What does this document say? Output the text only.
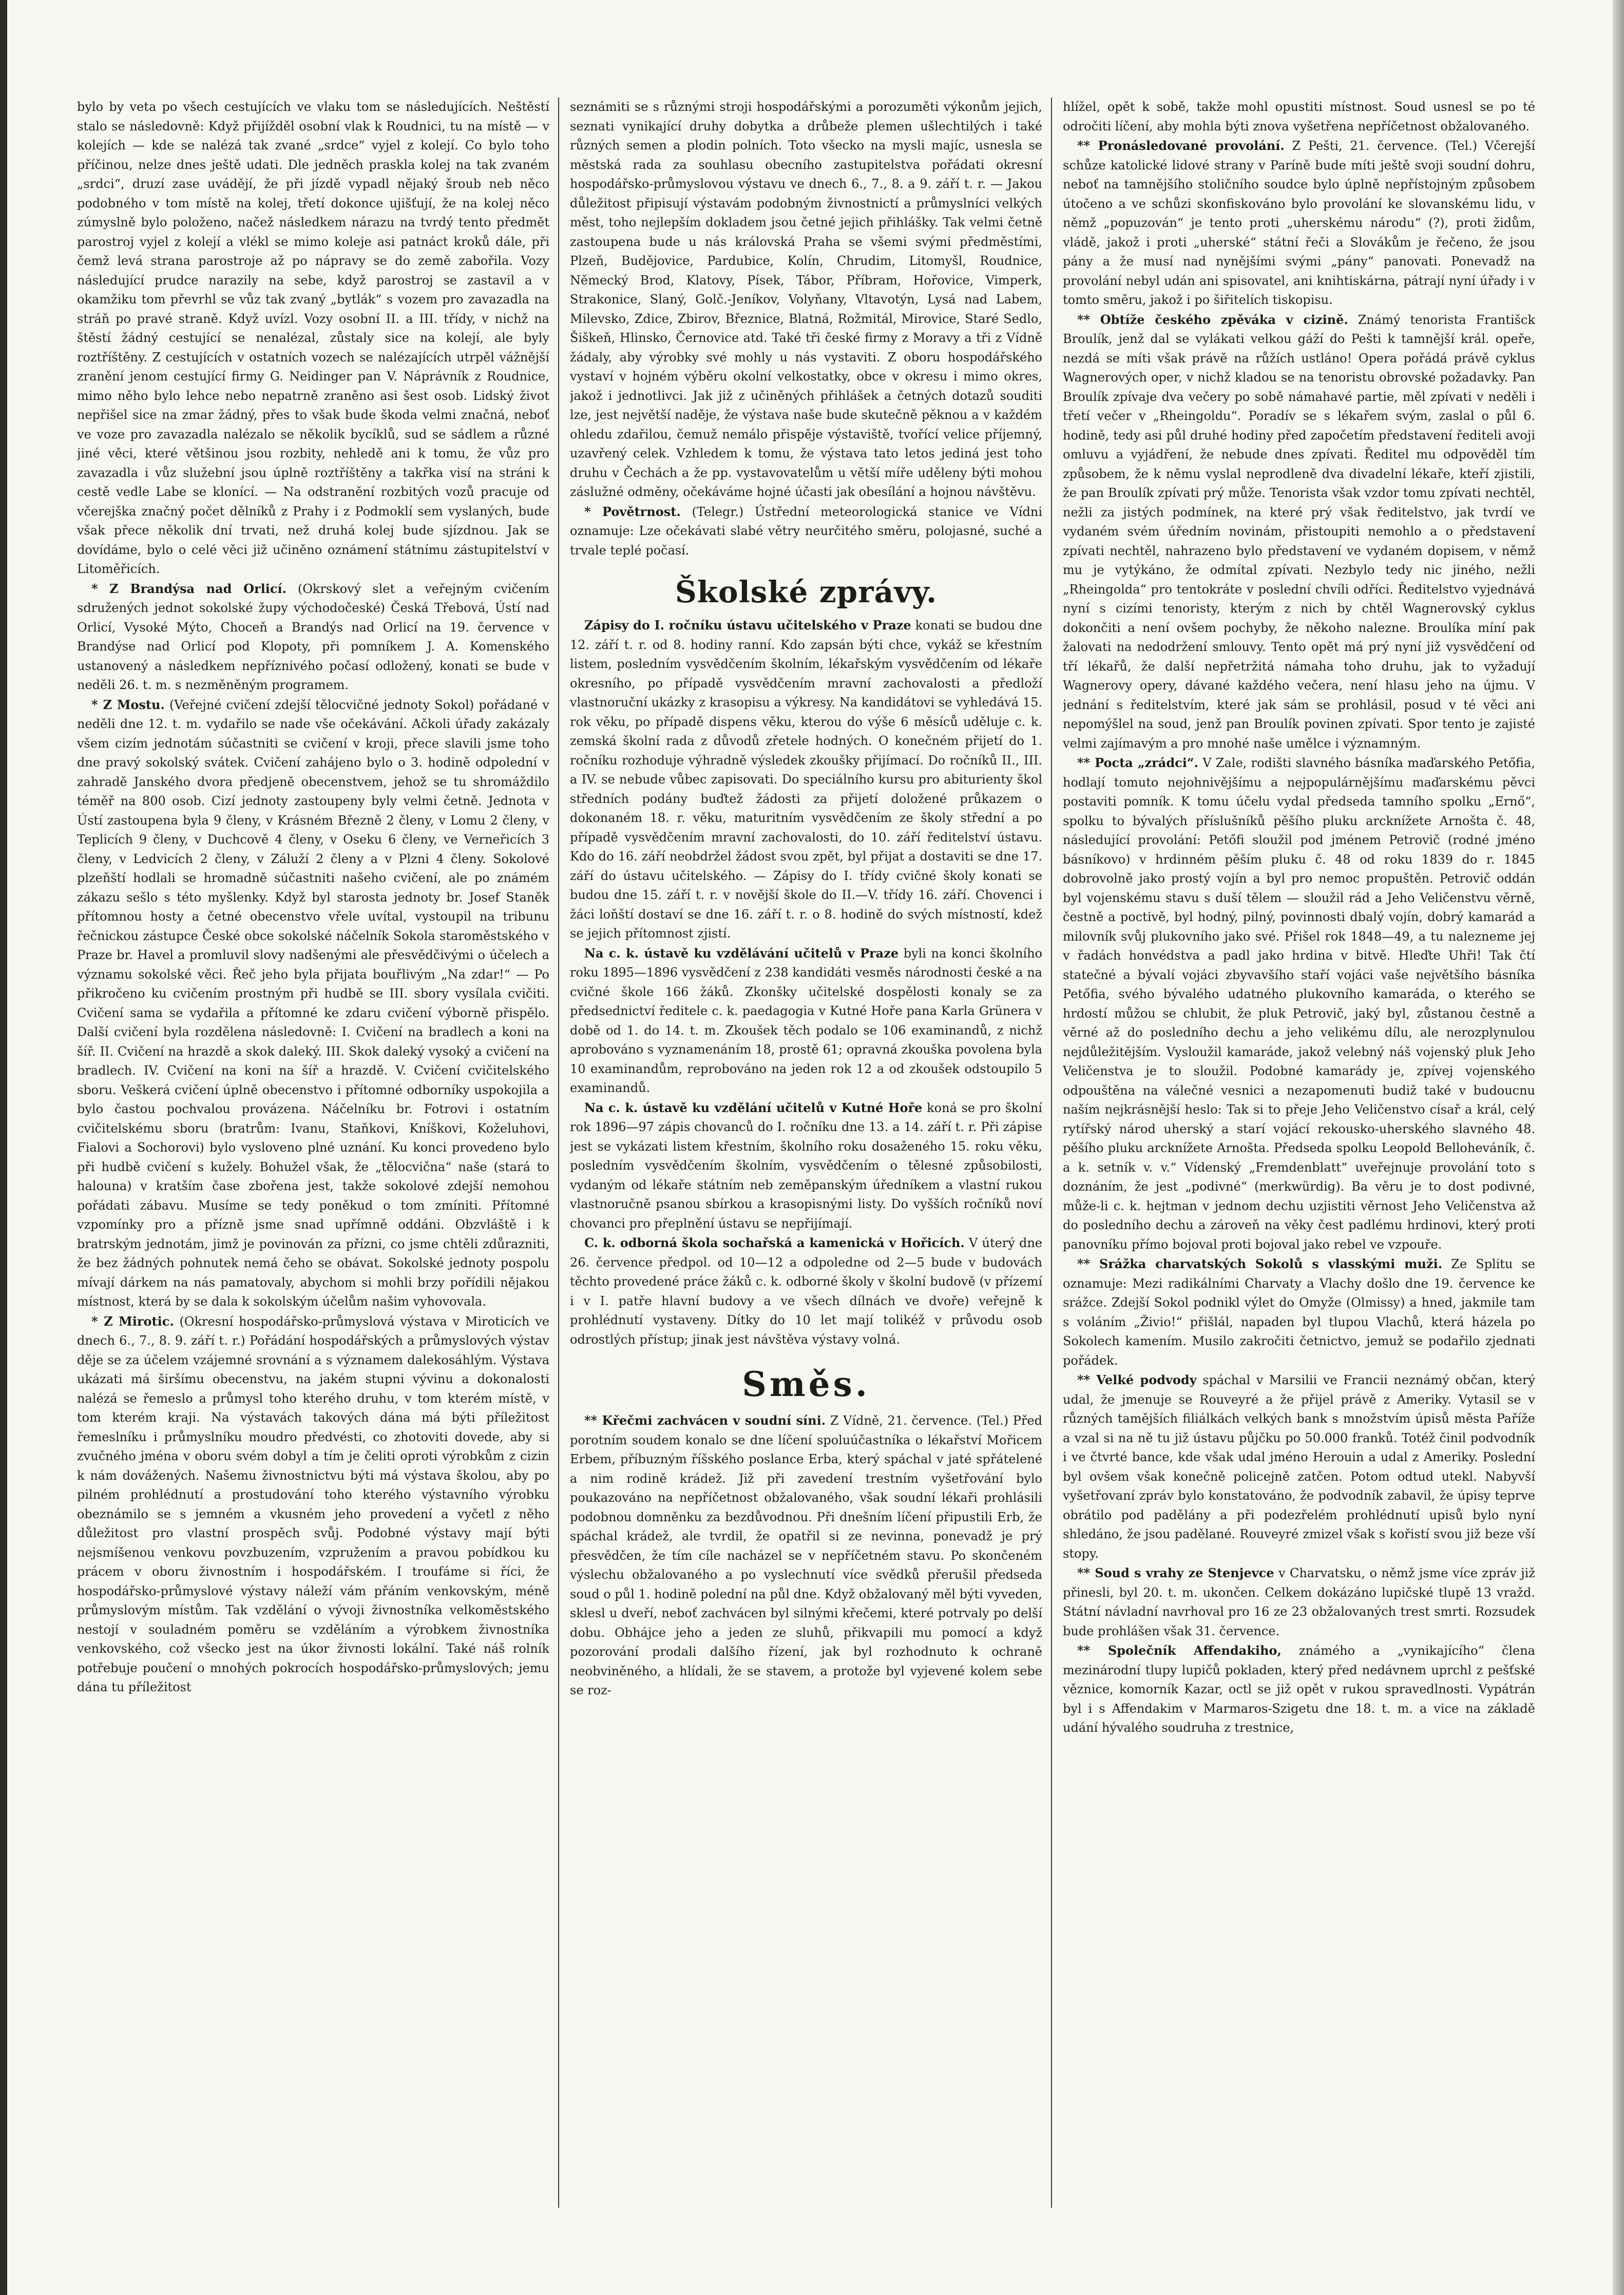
bylo by veta po všech cestujících ve vlaku tom se následujících. Neštěstí stalo se následovně: Když přijížděl osobní vlak k Roudnici, tu na místě — v kolejích — kde se nalézá tak zvané „srdce“ vyjel z kolejí. Co bylo toho příčinou, nelze dnes ještě udati. Dle jedněch praskla kolej na tak zvaném „srdci“, druzí zase uvádějí, že při jízdě vypadl nějaký šroub neb něco podobného v tom místě na kolej, třetí dokonce ujišťují, že na kolej něco zúmyslně bylo položeno, načež následkem nárazu na tvrdý tento předmět parostroj vyjel z kolejí a vlékl se mimo koleje asi patnáct kroků dále, při čemž levá strana parostroje až po nápravy se do země zabořila. Vozy následující prudce narazily na sebe, když parostroj se zastavil a v okamžiku tom převrhl se vůz tak zvaný „bytlák“ s vozem pro zavazadla na stráň po pravé straně. Když uvízl. Vozy osobní II. a III. třídy, v nichž na štěstí žádný cestující se nenalézal, zůstaly sice na kolejí, ale byly roztříštěny. Z cestujících v ostatních vozech se nalézajících utrpěl vážnější zranění jenom cestující firmy G. Neidinger pan V. Náprávník z Roudnice, mimo něho bylo lehce nebo nepatrně zraněno asi šest osob. Lidský život nepřišel sice na zmar žádný, přes to však bude škoda velmi značná, neboť ve voze pro zavazadla nalézalo se několik bycíklů, sud se sádlem a různé jiné věci, které většinou jsou rozbity, nehledě ani k tomu, že vůz pro zavazadla i vůz služební jsou úplně roztříštěny a takřka visí na stráni k cestě vedle Labe se klonící. — Na odstranění rozbitých vozů pracuje od včerejška značný počet dělníků z Prahy i z Podmoklí sem vyslaných, bude však přece několik dní trvati, než druhá kolej bude sjízdnou. Jak se dovídáme, bylo o celé věci již učiněno oznámení státnímu zástupitelství v Litoměřicích.

* Z Brandýsa nad Orlicí. (Okrskový slet a veřejným cvičením sdružených jednot sokolské župy východočeské) Česká Třebová, Ústí nad Orlicí, Vysoké Mýto, Choceň a Brandýs nad Orlicí na 19. července v Brandýse nad Orlicí pod Klopoty, při pomníkem J. A. Komenského ustanovený a následkem nepříznivého počasí odložený, konati se bude v neděli 26. t. m. s nezměněným programem.

* Z Mostu. (Veřejné cvičení zdejší tělocvičné jednoty Sokol) pořádané v neděli dne 12. t. m. vydařilo se nade vše očekávání. Ačkoli úřady zakázaly všem cizím jednotám súčastniti se cvičení v kroji, přece slavili jsme toho dne pravý sokolský svátek. Cvičení zahájeno bylo o 3. hodině odpolední v zahradě Janského dvora předjeně obecenstvem, jehož se tu shromáždilo téměř na 800 osob. Cizí jednoty zastoupeny byly velmi četně. Jednota v Ústí zastoupena byla 9 členy, v Krásném Březně 2 členy, v Lomu 2 členy, v Teplicích 9 členy, v Duchcově 4 členy, v Oseku 6 členy, ve Verneřicích 3 členy, v Ledvicích 2 členy, v Záluží 2 členy a v Plzni 4 členy. Sokolové plzeňští hodlali se hromadně súčastniti našeho cvičení, ale po známém zákazu sešlo s této myšlenky. Když byl starosta jednoty br. Josef Staněk přítomnou hosty a četné obecenstvo vřele uvítal, vystoupil na tribunu řečnickou zástupce České obce sokolské náčelník Sokola staroměstského v Praze br. Havel a promluvil slovy nadšenými ale přesvědčivými o účelech a významu sokolské věci. Řeč jeho byla přijata bouřlivým „Na zdar!“ — Po přikročeno ku cvičením prostným při hudbě se III. sbory vysílala cvičiti. Cvičení sama se vydařila a přítomné ke zdaru cvičení výborně přispělo. Další cvičení byla rozdělena následovně: I. Cvičení na bradlech a koni na šíř. II. Cvičení na hrazdě a skok daleký. III. Skok daleký vysoký a cvičení na bradlech. IV. Cvičení na koni na šíř a hrazdě. V. Cvičení cvičitelského sboru. Veškerá cvičení úplně obecenstvo i přítomné odborníky uspokojila a bylo častou pochvalou provázena. Náčelníku br. Fotrovi i ostatním cvičitelskému sboru (bratrům: Ivanu, Staňkovi, Kníškovi, Koželuhovi, Fialovi a Sochorovi) bylo vysloveno plné uznání. Ku konci provedeno bylo při hudbě cvičení s kužely. Bohužel však, že „tělocvična“ naše (stará to halouna) v kratším čase zbořena jest, takže sokolové zdejší nemohou pořádati zábavu. Musíme se tedy poněkud o tom zmíniti. Přítomné vzpomínky pro a přízně jsme snad upřímně oddáni. Obzvláště i k bratrským jednotám, jimž je povinován za přízni, co jsme chtěli zdůrazniti, že bez žádných pohnutek nemá čeho se obávat. Sokolské jednoty pospolu mívají dárkem na nás pamatovaly, abychom si mohli brzy pořídili nějakou místnost, která by se dala k sokolským účelům našim vyhovovala.

* Z Mirotic. (Okresní hospodářsko-průmyslová výstava v Miroticích ve dnech 6., 7., 8. 9. září t. r.) Pořádání hospodářských a průmyslových výstav děje se za účelem vzájemné srovnání a s významem dalekosáhlým. Výstava ukázati má širšímu obecenstvu, na jakém stupni vývinu a dokonalosti nalézá se řemeslo a průmysl toho kterého druhu, v tom kterém místě, v tom kterém kraji. Na výstavách takových dána má býti příležitost řemeslníku i průmyslníku moudro předvésti, co zhotoviti dovede, aby si zvučného jména v oboru svém dobyl a tím je čeliti oproti výrobkům z cizin k nám dovážených. Našemu živnostnictvu býti má výstava školou, aby po pilném prohlédnutí a prostudování toho kterého výstavního výrobku obeznámilo se s jemném a vkusném jeho provedení a vyčetl z něho důležitost pro vlastní prospěch svůj. Podobné výstavy mají býti nejsmíšenou venkovu povzbuzením, vzpružením a pravou pobídkou ku prácem v oboru živnostním i hospodářském. I troufáme si říci, že hospodářsko-průmyslové výstavy náleží vám přáním venkovským, méně průmyslovým místům. Tak vzdělání o vývoji živnostníka velkoměstského nestojí v souladném poměru se vzděláním a výrobkem živnostníka venkovského, což všecko jest na úkor živnosti lokální. Také náš rolník potřebuje poučení o mnohých pokrocích hospodářsko-průmyslových; jemu dána tu příležitost

seznámiti se s různými stroji hospodářskými a porozuměti výkonům jejich, seznati vynikající druhy dobytka a drůbeže plemen ušlechtilých i také různých semen a plodin polních. Toto všecko na mysli majíc, usnesla se městská rada za souhlasu obecního zastupitelstva pořádati okresní hospodářsko-průmyslovou výstavu ve dnech 6., 7., 8. a 9. září t. r. — Jakou důležitost připisují výstavám podobným živnostnictí a průmyslníci velkých měst, toho nejlepším dokladem jsou četné jejich přihlášky. Tak velmi četně zastoupena bude u nás královská Praha se všemi svými předměstími, Plzeň, Budějovice, Pardubice, Kolín, Chrudim, Litomyšl, Roudnice, Německý Brod, Klatovy, Písek, Tábor, Příbram, Hořovice, Vimperk, Strakonice, Slaný, Golč.-Jeníkov, Volyňany, Vltavotýn, Lysá nad Labem, Milevsko, Zdice, Zbirov, Březnice, Blatná, Rožmitál, Mirovice, Staré Sedlo, Šiškeň, Hlinsko, Černovice atd. Také tři české firmy z Moravy a tři z Vídně žádaly, aby výrobky své mohly u nás vystaviti. Z oboru hospodářského vystaví v hojném výběru okolní velkostatky, obce v okresu i mimo okres, jakož i jednotlivci. Jak již z učiněných přihlášek a četných dotazů souditi lze, jest největší naděje, že výstava naše bude skutečně pěknou a v každém ohledu zdařilou, čemuž nemálo přispěje výstaviště, tvořící velice příjemný, uzavřený celek. Vzhledem k tomu, že výstava tato letos jediná jest toho druhu v Čechách a že pp. vystavovatelům u větší míře uděleny býti mohou záslužné odměny, očekáváme hojné účasti jak obesílání a hojnou návštěvu.

* Povětrnost. (Telegr.) Ústřední meteorologická stanice ve Vídni oznamuje: Lze očekávati slabé větry neurčitého směru, polojasné, suché a trvale teplé počasí.

Školské zprávy.

Zápisy do I. ročníku ústavu učitelského v Praze konati se budou dne 12. září t. r. od 8. hodiny ranní. Kdo zapsán býti chce, vykáž se křestním listem, posledním vysvědčením školním, lékařským vysvědčením od lékaře okresního, po případě vysvědčením mravní zachovalosti a předloží vlastnoruční ukázky z krasopisu a výkresy. Na kandidátovi se vyhledává 15. rok věku, po případě dispens věku, kterou do výše 6 měsíců uděluje c. k. zemská školní rada z důvodů zřetele hodných. O konečném přijetí do 1. ročníku rozhoduje výhradně výsledek zkoušky přijímací. Do ročníků II., III. a IV. se nebude vůbec zapisovati. Do speciálního kursu pro abiturienty škol středních podány buďtež žádosti za přijetí doložené průkazem o dokonaném 18. r. věku, maturitním vysvědčením ze školy střední a po případě vysvědčením mravní zachovalosti, do 10. září ředitelství ústavu. Kdo do 16. září neobdržel žádost svou zpět, byl přijat a dostaviti se dne 17. září do ústavu učitelského. — Zápisy do I. třídy cvičné školy konati se budou dne 15. září t. r. v novější škole do II.—V. třídy 16. září. Chovenci i žáci loňští dostaví se dne 16. září t. r. o 8. hodině do svých místností, kdež se jejich přítomnost zjistí.

Na c. k. ústavě ku vzdělávání učitelů v Praze byli na konci školního roku 1895—1896 vysvědčení z 238 kandidáti vesměs národnosti české a na cvičné škole 166 žáků. Zkonšky učitelské dospělosti konaly se za předsednictví ředitele c. k. paedagogia v Kutné Hoře pana Karla Grünera v době od 1. do 14. t. m. Zkoušek těch podalo se 106 examinandů, z nichž aprobováno s vyznamenáním 18, prostě 61; opravná zkouška povolena byla 10 examinandům, reprobováno na jeden rok 12 a od zkoušek odstoupilo 5 examinandů.

Na c. k. ústavě ku vzdělání učitelů v Kutné Hoře koná se pro školní rok 1896—97 zápis chovanců do I. ročníku dne 13. a 14. září t. r. Při zápise jest se vykázati listem křestním, školního roku dosaženého 15. roku věku, posledním vysvědčením školním, vysvědčením o tělesné způsobilosti, vydaným od lékaře státním neb zeměpanským úředníkem a vlastní rukou vlastnoručně psanou sbírkou a krasopisnými listy. Do vyšších ročníků noví chovanci pro přeplnění ústavu se nepřijímají.

C. k. odborná škola sochařská a kamenická v Hořicích. V úterý dne 26. července předpol. od 10—12 a odpoledne od 2—5 bude v budovách těchto provedené práce žáků c. k. odborné školy v školní budově (v přízemí i v I. patře hlavní budovy a ve všech dílnách ve dvoře) veřejně k prohlédnutí vystaveny. Dítky do 10 let mají tolikéž v průvodu osob odrostlých přístup; jinak jest návštěva výstavy volná.

Směs.

** Křečmi zachvácen v soudní síni. Z Vídně, 21. července. (Tel.) Před porotním soudem konalo se dne líčení spoluúčastníka o lékařství Mořicem Erbem, příbuzným říšského poslance Erba, který spáchal v jaté spřátelené a nim rodině krádež. Již při zavedení trestním vyšetřování bylo poukazováno na nepříčetnost obžalovaného, však soudní lékaři prohlásili podobnou domněnku za bezdůvodnou. Při dnešním líčení připustili Erb, že spáchal krádež, ale tvrdil, že opatřil si ze nevinna, ponevadž je prý přesvědčen, že tím cíle nacházel se v nepříčetném stavu. Po skončeném výslechu obžalovaného a po vyslechnutí více svědků přerušil předseda soud o půl 1. hodině polední na půl dne. Když obžalovaný měl býti vyveden, sklesl u dveří, neboť zachvácen byl silnými křečemi, které potrvaly po delší dobu. Obhájce jeho a jeden ze sluhů, přikvapili mu pomocí a když pozorování prodali dalšího řízení, jak byl rozhodnuto k ochraně neobviněného, a hlídali, že se stavem, a protože byl vyjevené kolem sebe se roz-

hlížel, opět k sobě, takže mohl opustiti místnost. Soud usnesl se po té odročiti líčení, aby mohla býti znova vyšetřena nepříčetnost obžalovaného.

** Pronásledované provolání. Z Pešti, 21. července. (Tel.) Včerejší schůze katolické lidové strany v Paríně bude míti ještě svoji soudní dohru, neboť na tamnějšího stoličního soudce bylo úplně nepřístojným způsobem útočeno a ve schůzi skonfiskováno bylo provolání ke slovanskému lidu, v němž „popuzován“ je tento proti „uherskému národu“ (?), proti židům, vládě, jakož i proti „uherské“ státní řeči a Slovákům je řečeno, že jsou pány a že musí nad nynějšími svými „pány“ panovati. Ponevadž na provolání nebyl udán ani spisovatel, ani knihtiskárna, pátrají nyní úřady i v tomto směru, jakož i po šiřitelích tiskopisu.

** Obtíže českého zpěváka v cizině. Známý tenorista Františck Broulík, jenž dal se vylákati velkou gáží do Pešti k tamnější král. opeře, nezdá se míti však právě na růžích ustláno! Opera pořádá právě cyklus Wagnerových oper, v nichž kladou se na tenoristu obrovské požadavky. Pan Broulík zpívaje dva večery po sobě námahavé partie, měl zpívati v neděli i třetí večer v „Rheingoldu“. Poradív se s lékařem svým, zaslal o půl 6. hodině, tedy asi půl druhé hodiny před započetím představení řediteli avoji omluvu a vyjádření, že nebude dnes zpívati. Ředitel mu odpověděl tím způsobem, že k němu vyslal neprodleně dva divadelní lékaře, kteří zjistili, že pan Broulík zpívati prý může. Tenorista však vzdor tomu zpívati nechtěl, nežli za jistých podmínek, na které prý však ředitelstvo, jak tvrdí ve vydaném svém úředním novinám, přistoupiti nemohlo a o představení zpívati nechtěl, nahrazeno bylo představení ve vydaném dopisem, v němž mu je vytýkáno, že odmítal zpívati. Nezbylo tedy nic jiného, nežli „Rheingolda“ pro tentokráte v poslední chvíli odříci. Ředitelstvo vyjednává nyní s cizími tenoristy, kterým z nich by chtěl Wagnerovský cyklus dokončiti a není ovšem pochyby, že někoho nalezne. Broulíka míní pak žalovati na nedodržení smlouvy. Tento opět má prý nyní již vysvědčení od tří lékařů, že další nepřetržitá námaha toho druhu, jak to vyžadují Wagnerovy opery, dávané každého večera, není hlasu jeho na újmu. V jednání s ředitelstvím, které jak sám se prohlásil, posud v té věci ani nepomýšlel na soud, jenž pan Broulík povinen zpívati. Spor tento je zajisté velmi zajímavým a pro mnohé naše umělce i významným.

** Pocta „zrádci“. V Zale, rodišti slavného básníka maďarského Petőfia, hodlají tomuto nejohnivějšímu a nejpopulárnějšímu maďarskému pěvci postaviti pomník. K tomu účelu vydal předseda tamního spolku „Ernő“, spolku to bývalých příslušníků pěšího pluku arcknížete Arnošta č. 48, následující provolání: Petőfi sloužil pod jménem Petrovič (rodné jméno básníkovo) v hrdinném pěším pluku č. 48 od roku 1839 do r. 1845 dobrovolně jako prostý vojín a byl pro nemoc propuštěn. Petrovič oddán byl vojenskému stavu s duší tělem — sloužil rád a Jeho Veličenstvu věrně, čestně a poctivě, byl hodný, pilný, povinnosti dbalý vojín, dobrý kamarád a milovník svůj plukovního jako své. Přišel rok 1848—49, a tu nalezneme jej v řadách honvédstva a padl jako hrdina v bitvě. Hleďte Uhři! Tak čtí statečné a bývalí vojáci zbyvavšího staří vojáci vaše největšího básníka Petőfia, svého bývalého udatného plukovního kamaráda, o kterého se hrdostí můžou se chlubit, že pluk Petrovič, jaký byl, zůstanou čestně a věrné až do posledního dechu a jeho velikému dílu, ale nerozplynulou nejdůležitějším. Vysloužil kamaráde, jakož velebný náš vojenský pluk Jeho Veličenstva je to sloužil. Podobné kamarády je, zpívej vojenského odpouštěna na válečné vesnici a nezapomenuti budiž také v budoucnu naším nejkrásnější heslo: Tak si to přeje Jeho Veličenstvo císař a král, celý rytířský národ uherský a starí vojácí rekousko-uherského slavného 48. pěšího pluku arcknížete Arnošta. Předseda spolku Leopold Belloheváník, č. a k. setník v. v.“ Vídenský „Fremdenblatt“ uveřejnuje provolání toto s doznáním, že jest „podivné“ (merkwürdig). Ba věru je to dost podivné, může-li c. k. hejtman v jednom dechu uzjistiti věrnost Jeho Veličenstva až do posledního dechu a zároveň na věky čest padlému hrdinovi, který proti panovníku přímo bojoval proti bojoval jako rebel ve vzpouře.

** Srážka charvatských Sokolů s vlasskými muži. Ze Splitu se oznamuje: Mezi radikálními Charvaty a Vlachy došlo dne 19. července ke srážce. Zdejší Sokol podnikl výlet do Omyže (Olmissy) a hned, jakmile tam s voláním „Živio!“ přišlál, napaden byl tlupou Vlachů, která házela po Sokolech kamením. Musilo zakročiti četnictvo, jemuž se podařilo zjednati pořádek.

** Velké podvody spáchal v Marsilii ve Francii neznámý občan, který udal, že jmenuje se Rouveyré a že přijel právě z Ameriky. Vytasil se v různých tamějších filiálkách velkých bank s množstvím úpisů města Paříže a vzal si na ně tu již ústavu půjčku po 50.000 franků. Totéž činil podvodník i ve čtvrté bance, kde však udal jméno Herouin a udal z Ameriky. Poslední byl ovšem však konečně policejně zatčen. Potom odtud utekl. Nabyvší vyšetřovaní zpráv bylo konstatováno, že podvodník zabavil, že úpisy teprve obrátilo pod padělány a při podezřelém prohlédnutí upisů bylo nyní shledáno, že jsou padělané. Rouveyré zmizel však s kořistí svou již beze vší stopy.

** Soud s vrahy ze Stenjevce v Charvatsku, o němž jsme více zpráv již přinesli, byl 20. t. m. ukončen. Celkem dokázáno lupičské tlupě 13 vražd. Státní návladní navrhoval pro 16 ze 23 obžalovaných trest smrti. Rozsudek bude prohlášen však 31. července.

** Společník Affendakiho, známého a „vynikajícího“ člena mezinárodní tlupy lupičů pokladen, který před nedávnem uprchl z pešťské věznice, komorník Kazar, octl se již opět v rukou spravedlnosti. Vypátrán byl i s Affendakim v Marmaros-Szigetu dne 18. t. m. a vice na základě udání hývalého soudruha z trestnice,
